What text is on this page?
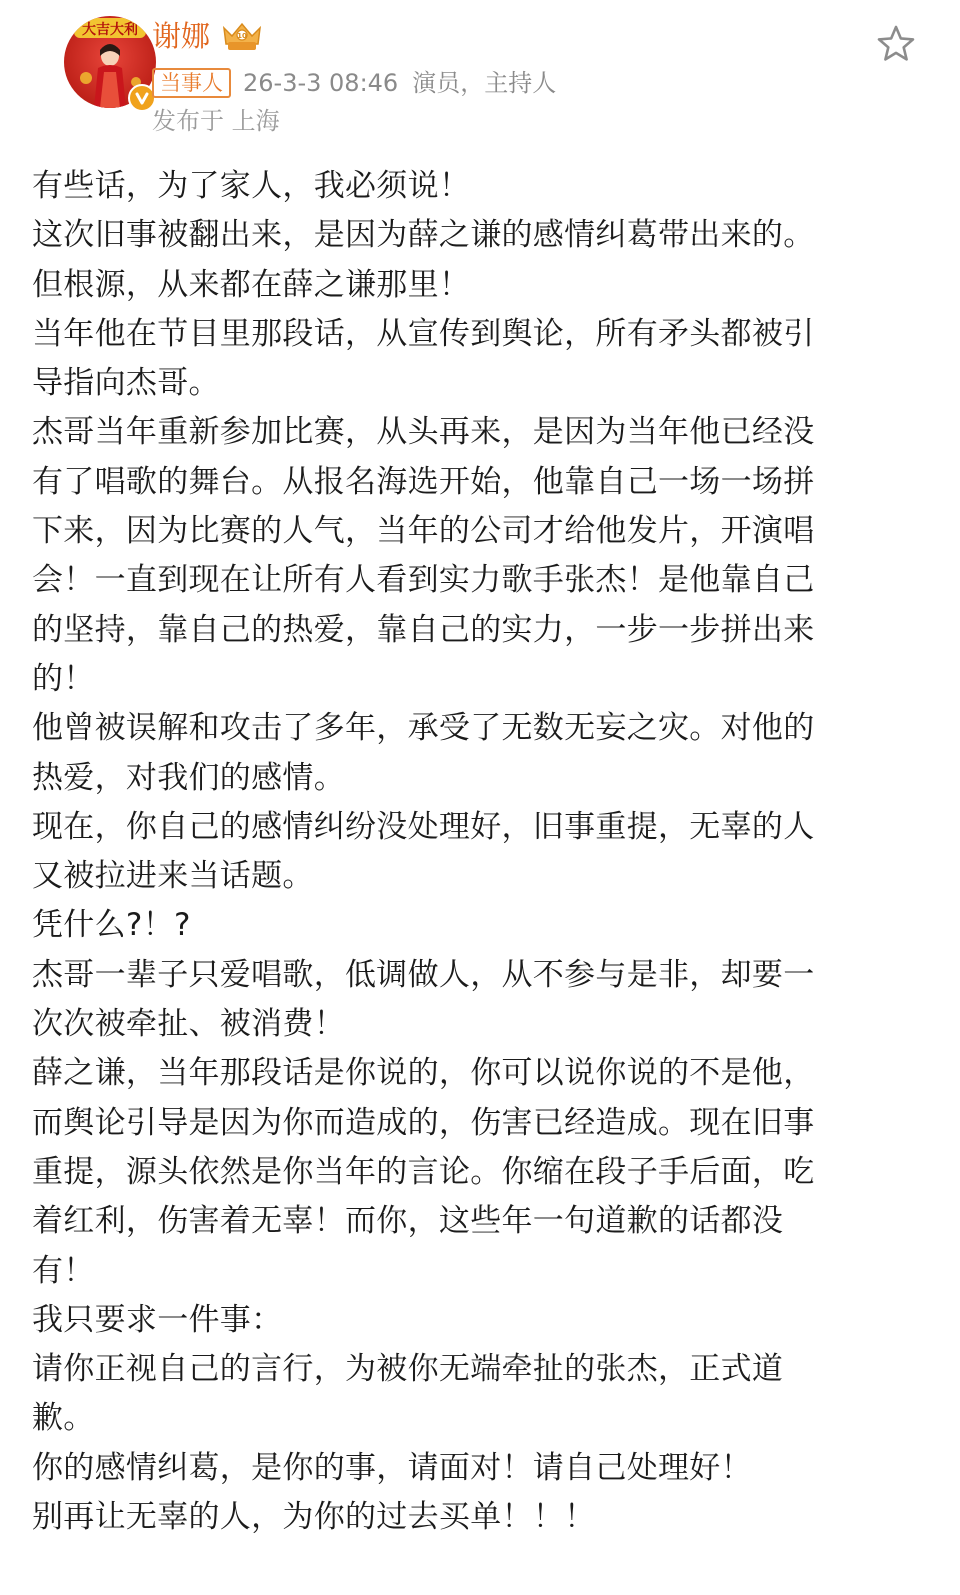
大吉大利 谢娜	10
当事人 26-3-3 08:46 演员，主持人
发布于 上海
有些话，为了家人，我必须说！
这次旧事被翻出来，是因为薛之谦的感情纠葛带出来的。
但根源，从来都在薛之谦那里！
当年他在节目里那段话，从宣传到舆论，所有矛头都被引
导指向杰哥。
杰哥当年重新参加比赛，从头再来，是因为当年他已经没
有了唱歌的舞台。从报名海选开始，他靠自己一场一场拼
下来，因为比赛的人气，当年的公司才给他发片，开演唱
会！一直到现在让所有人看到实力歌手张杰！是他靠自己
的坚持，靠自己的热爱，靠自己的实力，一步一步拼出来
的！
他曾被误解和攻击了多年，承受了无数无妄之灾。对他的
热爱，对我们的感情。
现在，你自己的感情纠纷没处理好，旧事重提，无辜的人
又被拉进来当话题。
凭什么?！?
杰哥一辈子只爱唱歌，低调做人，从不参与是非，却要一
次次被牵扯、被消费！
薛之谦，当年那段话是你说的，你可以说你说的不是他，
而舆论引导是因为你而造成的，伤害已经造成。现在旧事
重提，源头依然是你当年的言论。你缩在段子手后面，吃
着红利，伤害着无辜！而你，这些年一句道歉的话都没
有！
我只要求一件事：
请你正视自己的言行，为被你无端牵扯的张杰，正式道
歉。
你的感情纠葛，是你的事，请面对！请自己处理好！
别再让无辜的人，为你的过去买单！！！
